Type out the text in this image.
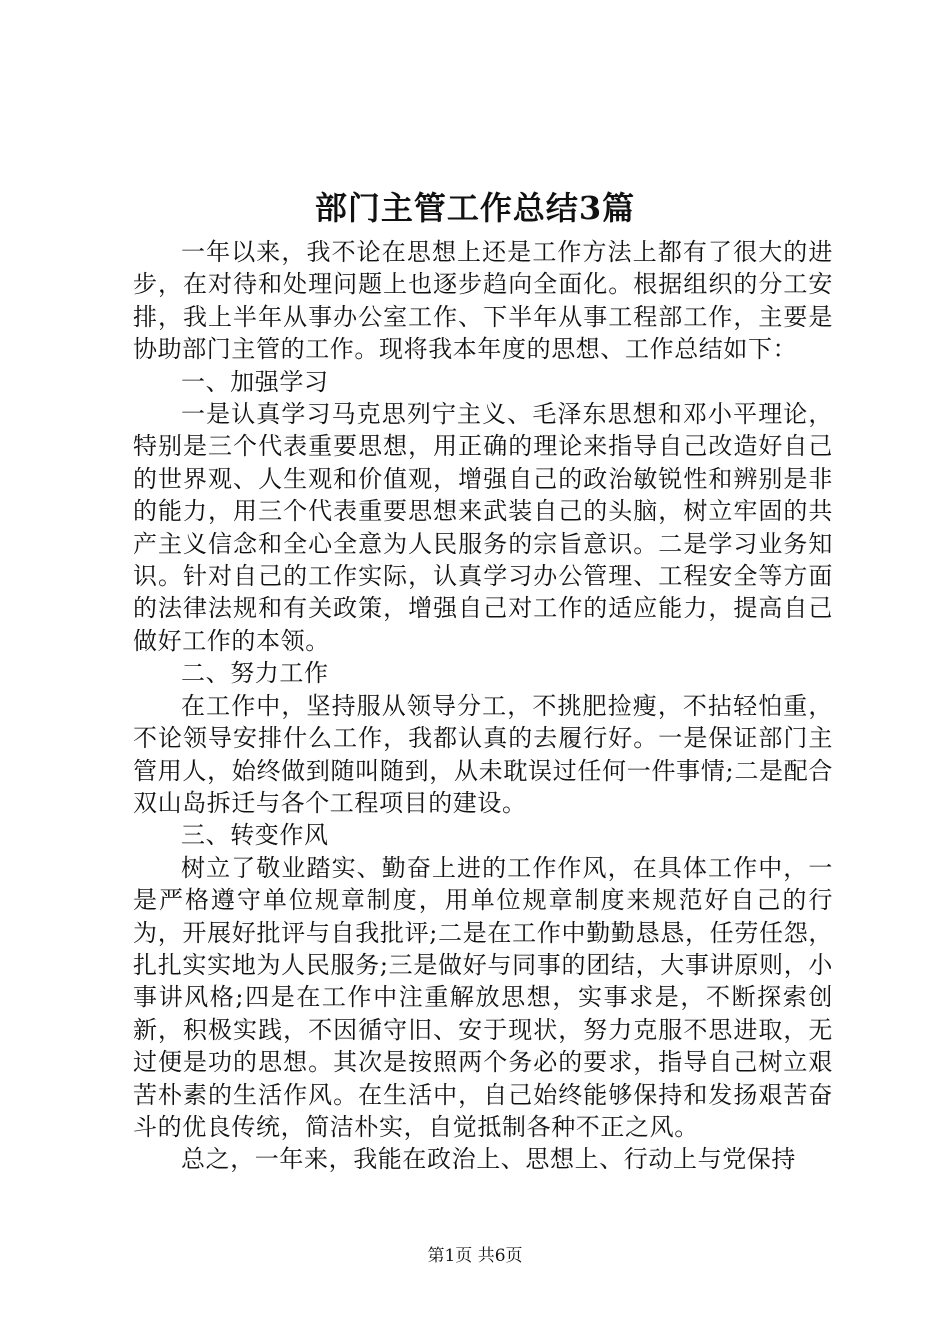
部门主管工作总结3篇

一年以来，我不论在思想上还是工作方法上都有了很大的进步，在对待和处理问题上也逐步趋向全面化。根据组织的分工安排，我上半年从事办公室工作、下半年从事工程部工作，主要是协助部门主管的工作。现将我本年度的思想、工作总结如下：

一、加强学习

一是认真学习马克思列宁主义、毛泽东思想和邓小平理论，特别是三个代表重要思想，用正确的理论来指导自己改造好自己的世界观、人生观和价值观，增强自己的政治敏锐性和辨别是非的能力，用三个代表重要思想来武装自己的头脑，树立牢固的共产主义信念和全心全意为人民服务的宗旨意识。二是学习业务知识。针对自己的工作实际，认真学习办公管理、工程安全等方面的法律法规和有关政策，增强自己对工作的适应能力，提高自己做好工作的本领。

二、努力工作

在工作中，坚持服从领导分工，不挑肥捡瘦，不拈轻怕重，不论领导安排什么工作，我都认真的去履行好。一是保证部门主管用人，始终做到随叫随到，从未耽误过任何一件事情;二是配合双山岛拆迁与各个工程项目的建设。

三、转变作风

树立了敬业踏实、勤奋上进的工作作风，在具体工作中，一是严格遵守单位规章制度，用单位规章制度来规范好自己的行为，开展好批评与自我批评;二是在工作中勤勤恳恳，任劳任怨，扎扎实实地为人民服务;三是做好与同事的团结，大事讲原则，小事讲风格;四是在工作中注重解放思想，实事求是，不断探索创新，积极实践，不因循守旧、安于现状，努力克服不思进取，无过便是功的思想。其次是按照两个务必的要求，指导自己树立艰苦朴素的生活作风。在生活中，自己始终能够保持和发扬艰苦奋斗的优良传统，简洁朴实，自觉抵制各种不正之风。

总之，一年来，我能在政治上、思想上、行动上与党保持

第1页 共6页
